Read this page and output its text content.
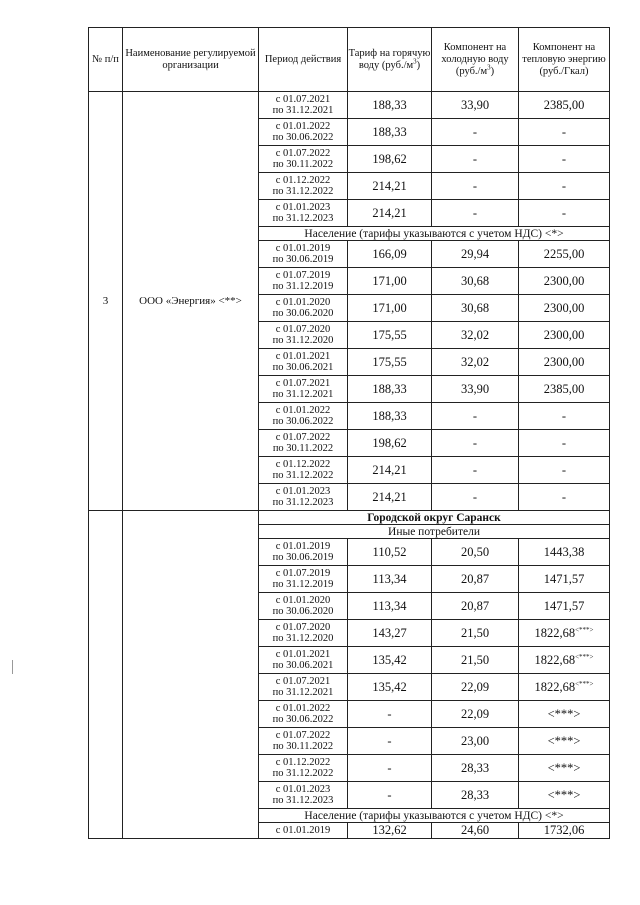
№ п/п	Наименование регулируемой организации	Период действия	Тариф на горячую воду $(руб./м^3)$	Компонент на холодную воду $(руб./м^3)$	Компонент на тепловую энергию (руб./Гкал)
3	ООО «Энергия» <**>	с 01.07.2021
по 31.12.2021	188,33	33,90	2385,00

		с 01.01.2022
по 30.06.2022	188,33	-	-

		с 01.07.2022
по 30.11.2022	198,62	-	-

		с 01.12.2022
по 31.12.2022	214,21	-	-

		с 01.01.2023
по 31.12.2023	214,21	-	-
		Население (тарифы указываются с учетом НДС) <*>			

		с 01.01.2019
по 30.06.2019	166,09	29,94	2255,00

		с 01.07.2019
по 31.12.2019	171,00	30,68	2300,00

		с 01.01.2020
по 30.06.2020	171,00	30,68	2300,00

		с 01.07.2020
по 31.12.2020	175,55	32,02	2300,00

		с 01.01.2021
по 30.06.2021	175,55	32,02	2300,00

		с 01.07.2021
по 31.12.2021	188,33	33,90	2385,00

		с 01.01.2022
по 30.06.2022	188,33	-	-

		с 01.07.2022
по 30.11.2022	198,62	-	-

		с 01.12.2022
по 31.12.2022	214,21	-	-

		с 01.01.2023
по 31.12.2023	214,21	-	-
		Городской округ Саранск			
		Иные потребители			

		с 01.01.2019
по 30.06.2019	110,52	20,50	1443,38

		с 01.07.2019
по 31.12.2019	113,34	20,87	1471,57

		с 01.01.2020
по 30.06.2020	113,34	20,87	1471,57

		с 01.07.2020
по 31.12.2020	143,27	21,50	1822,68<***>

		с 01.01.2021
по 30.06.2021	135,42	21,50	1822,68<***>

		с 01.07.2021
по 31.12.2021	135,42	22,09	1822,68<***>

		с 01.01.2022
по 30.06.2022	-	22,09	<***>

		с 01.07.2022
по 30.11.2022	-	23,00	<***>

		с 01.12.2022
по 31.12.2022	-	28,33	<***>

		с 01.01.2023
по 31.12.2023	-	28,33	<***>
		Население (тарифы указываются с учетом НДС) <*>			
		с 01.01.2019	132,62	24,60	1732,06
